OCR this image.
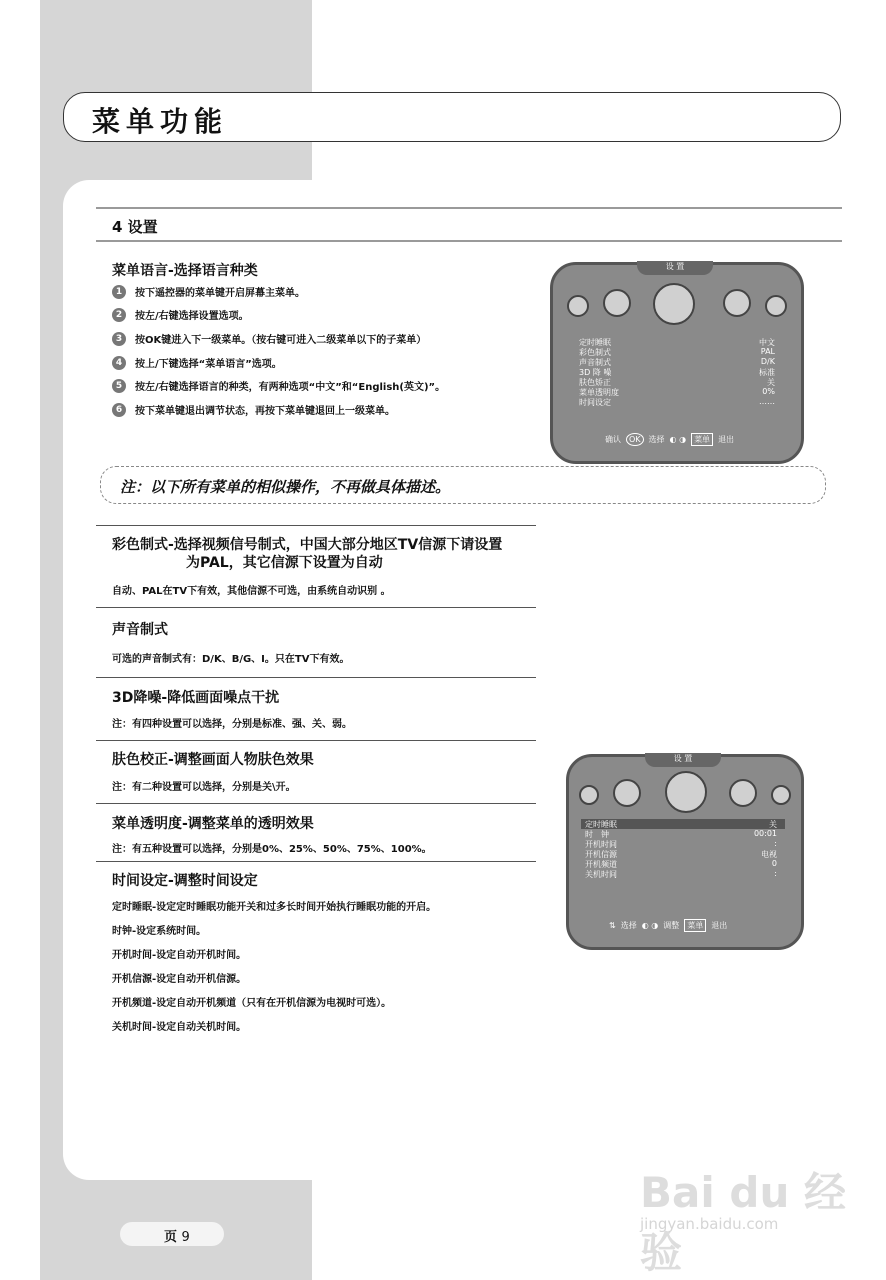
菜单功能
4 设置
菜单语言-选择语言种类
1	按下遥控器的菜单键开启屏幕主菜单。
2	按左/右键选择设置选项。
3	按OK键进入下一级菜单。（按右键可进入二级菜单以下的子菜单）
4	按上/下键选择“菜单语言”选项。
5	按左/右键选择语言的种类，有两种选项“中文”和“English(英文)”。
6	按下菜单键退出调节状态，再按下菜单键退回上一级菜单。
设 置
定时睡眠	中文
彩色制式	PAL
声音制式	D/K
3D 降 噪	标准
肤色矫正	关
菜单透明度	0%
时间设定	……
确认	OK	选择 ◐ ◑	菜单	退出
注：以下所有菜单的相似操作，不再做具体描述。
彩色制式-选择视频信号制式，中国大部分地区TV信源下请设置
为PAL，其它信源下设置为自动
自动、PAL在TV下有效，其他信源不可选，由系统自动识别 。
声音制式
可选的声音制式有：D/K、B/G、I。只在TV下有效。
3D降噪-降低画面噪点干扰
注：有四种设置可以选择，分别是标准、强、关、弱。
肤色校正-调整画面人物肤色效果
注：有二种设置可以选择，分别是关\开。
菜单透明度-调整菜单的透明效果
注：有五种设置可以选择，分别是0%、25%、50%、75%、100%。
时间设定-调整时间设定
定时睡眠-设定定时睡眠功能开关和过多长时间开始执行睡眠功能的开启。
时钟-设定系统时间。
开机时间-设定自动开机时间。
开机信源-设定自动开机信源。
开机频道-设定自动开机频道（只有在开机信源为电视时可选）。
关机时间-设定自动关机时间。
设 置
定时睡眠	关
时　钟	00:01
开机时间	:
开机信源	电视
开机频道	0
关机时间	:
⇅ 选择 ◐ ◑ 调整	菜单	退出
页 9
Bai du 经验
jingyan.baidu.com
